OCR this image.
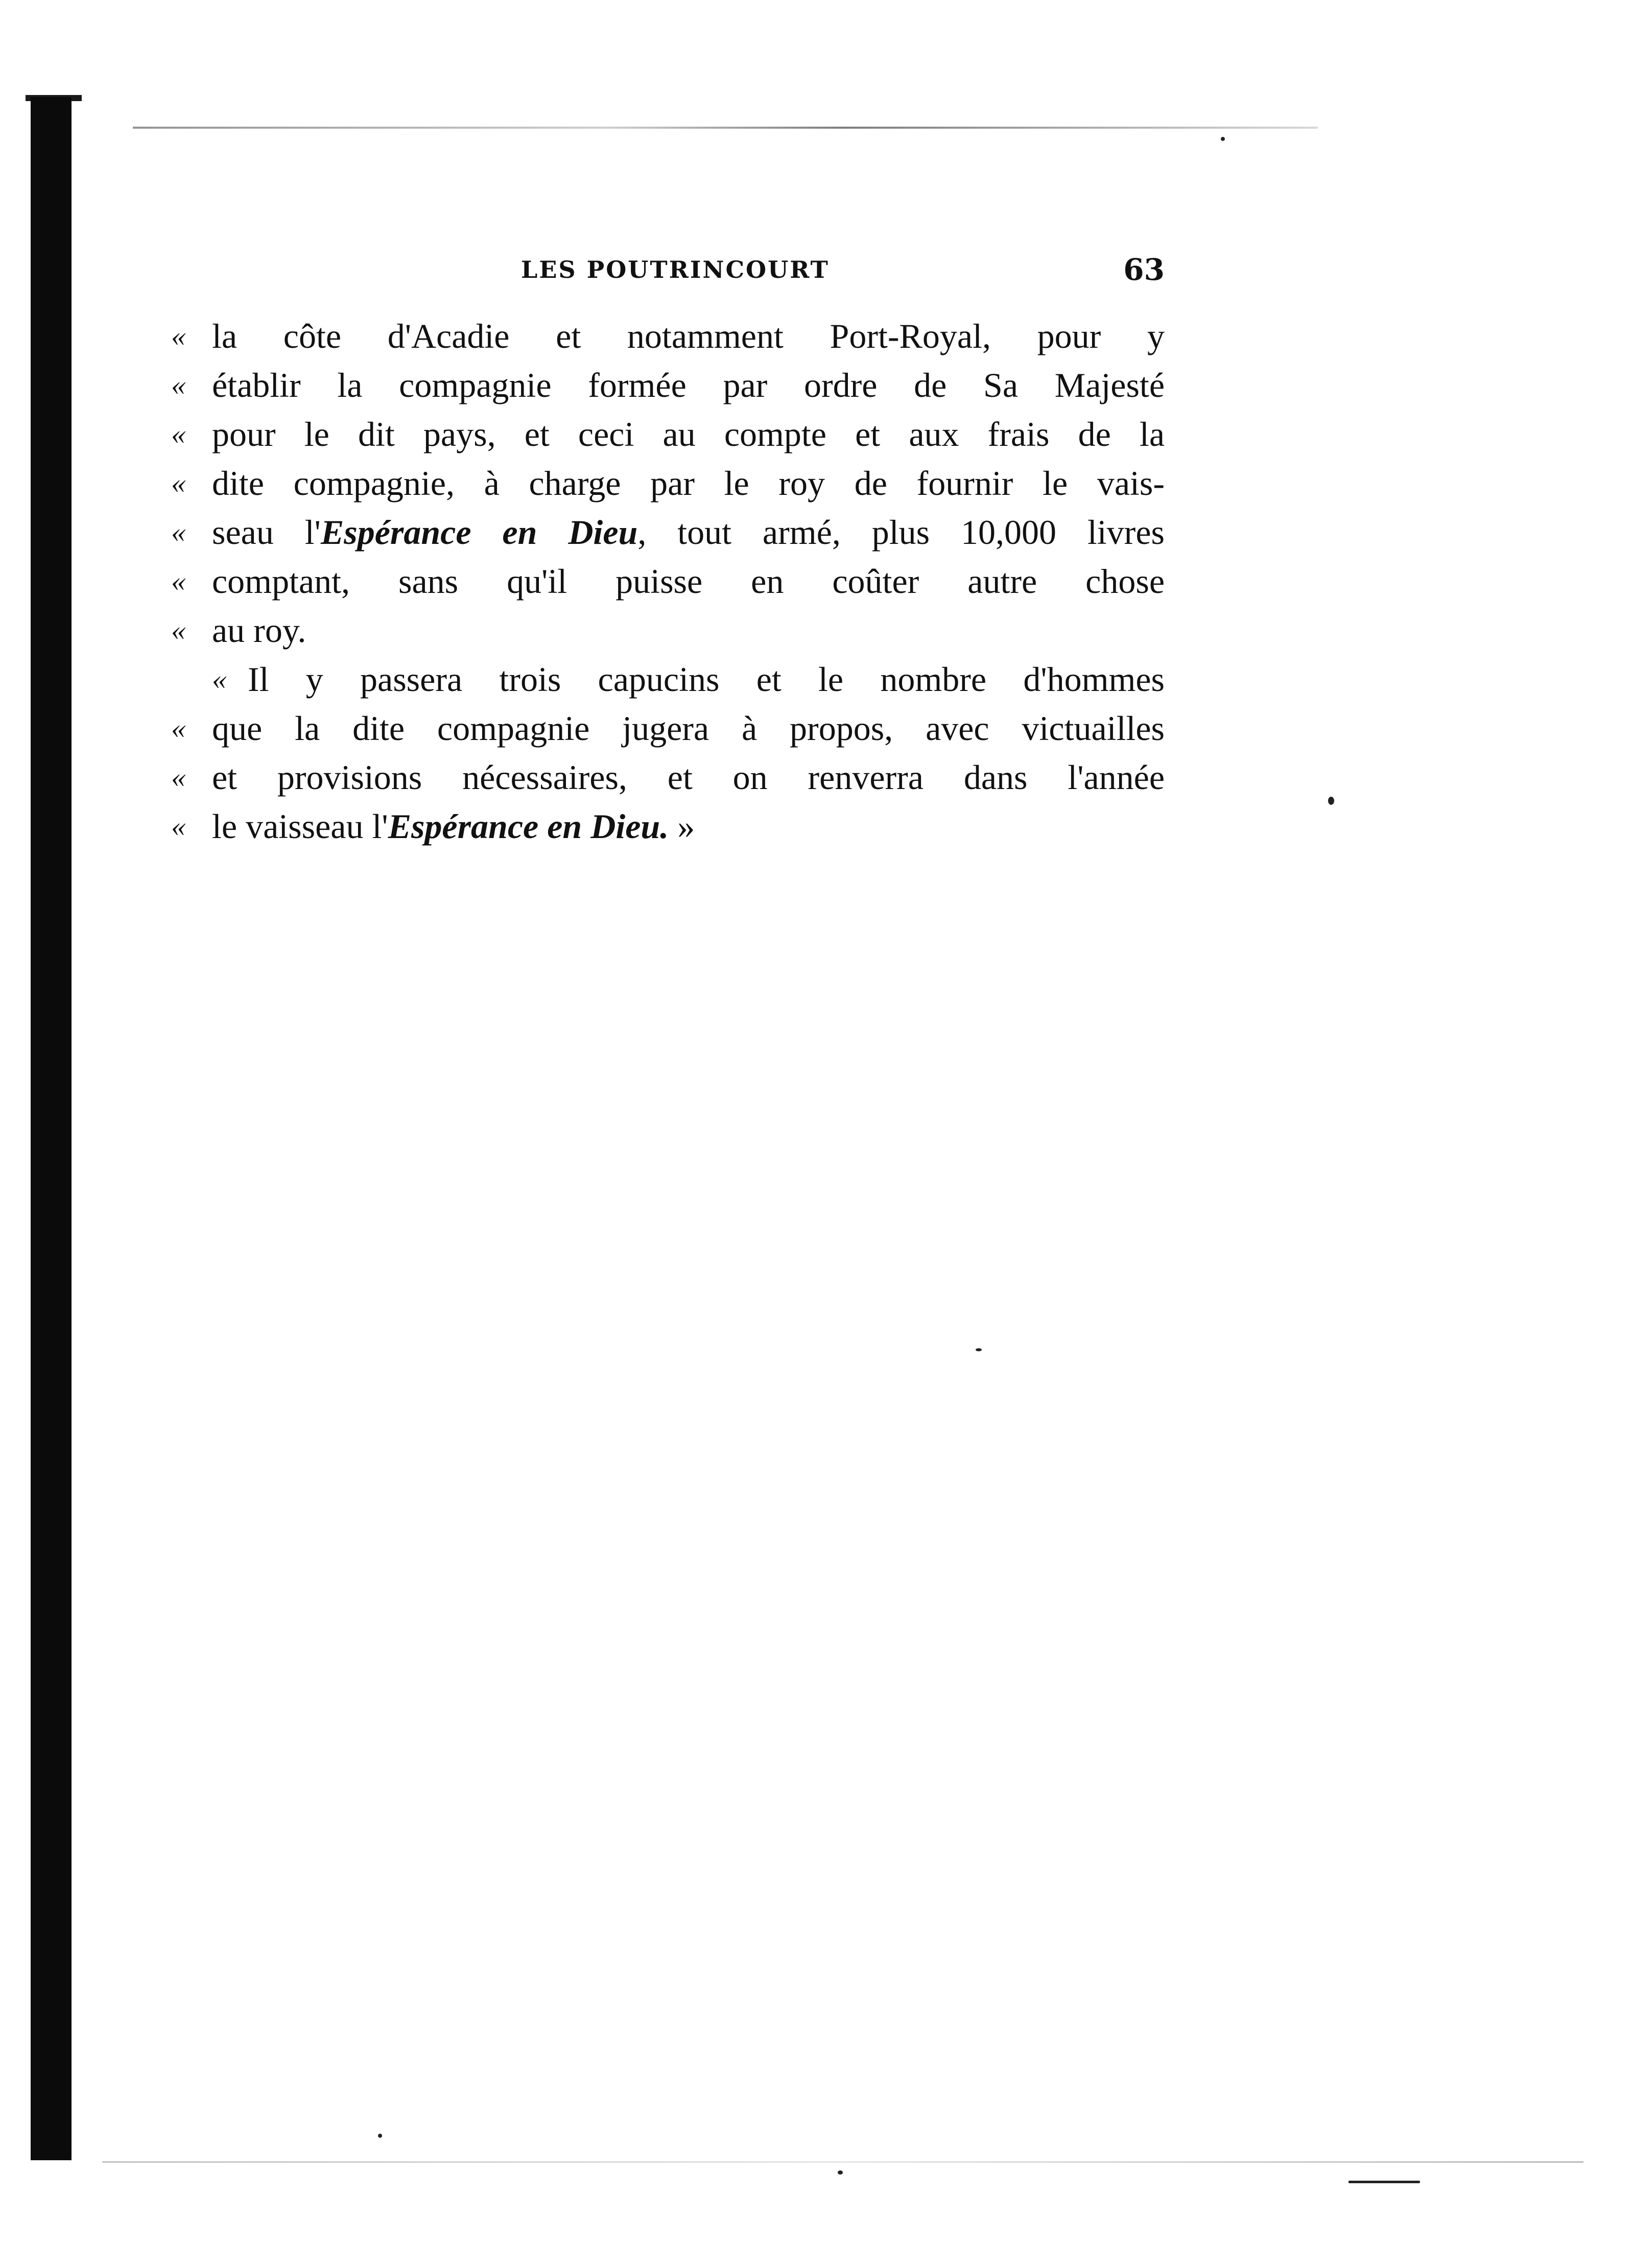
LES POUTRINCOURT	63
« la côte d'Acadie et notamment Port-Royal, pour y
« établir la compagnie formée par ordre de Sa Majesté
« pour le dit pays, et ceci au compte et aux frais de la
« dite compagnie, à charge par le roy de fournir le vais-
« seau l'Espérance en Dieu, tout armé, plus 10,000 livres
« comptant, sans qu'il puisse en coûter autre chose
« au roy.
« Il y passera trois capucins et le nombre d'hommes
« que la dite compagnie jugera à propos, avec victuailles
« et provisions nécessaires, et on renverra dans l'année
« le vaisseau l'Espérance en Dieu. »
